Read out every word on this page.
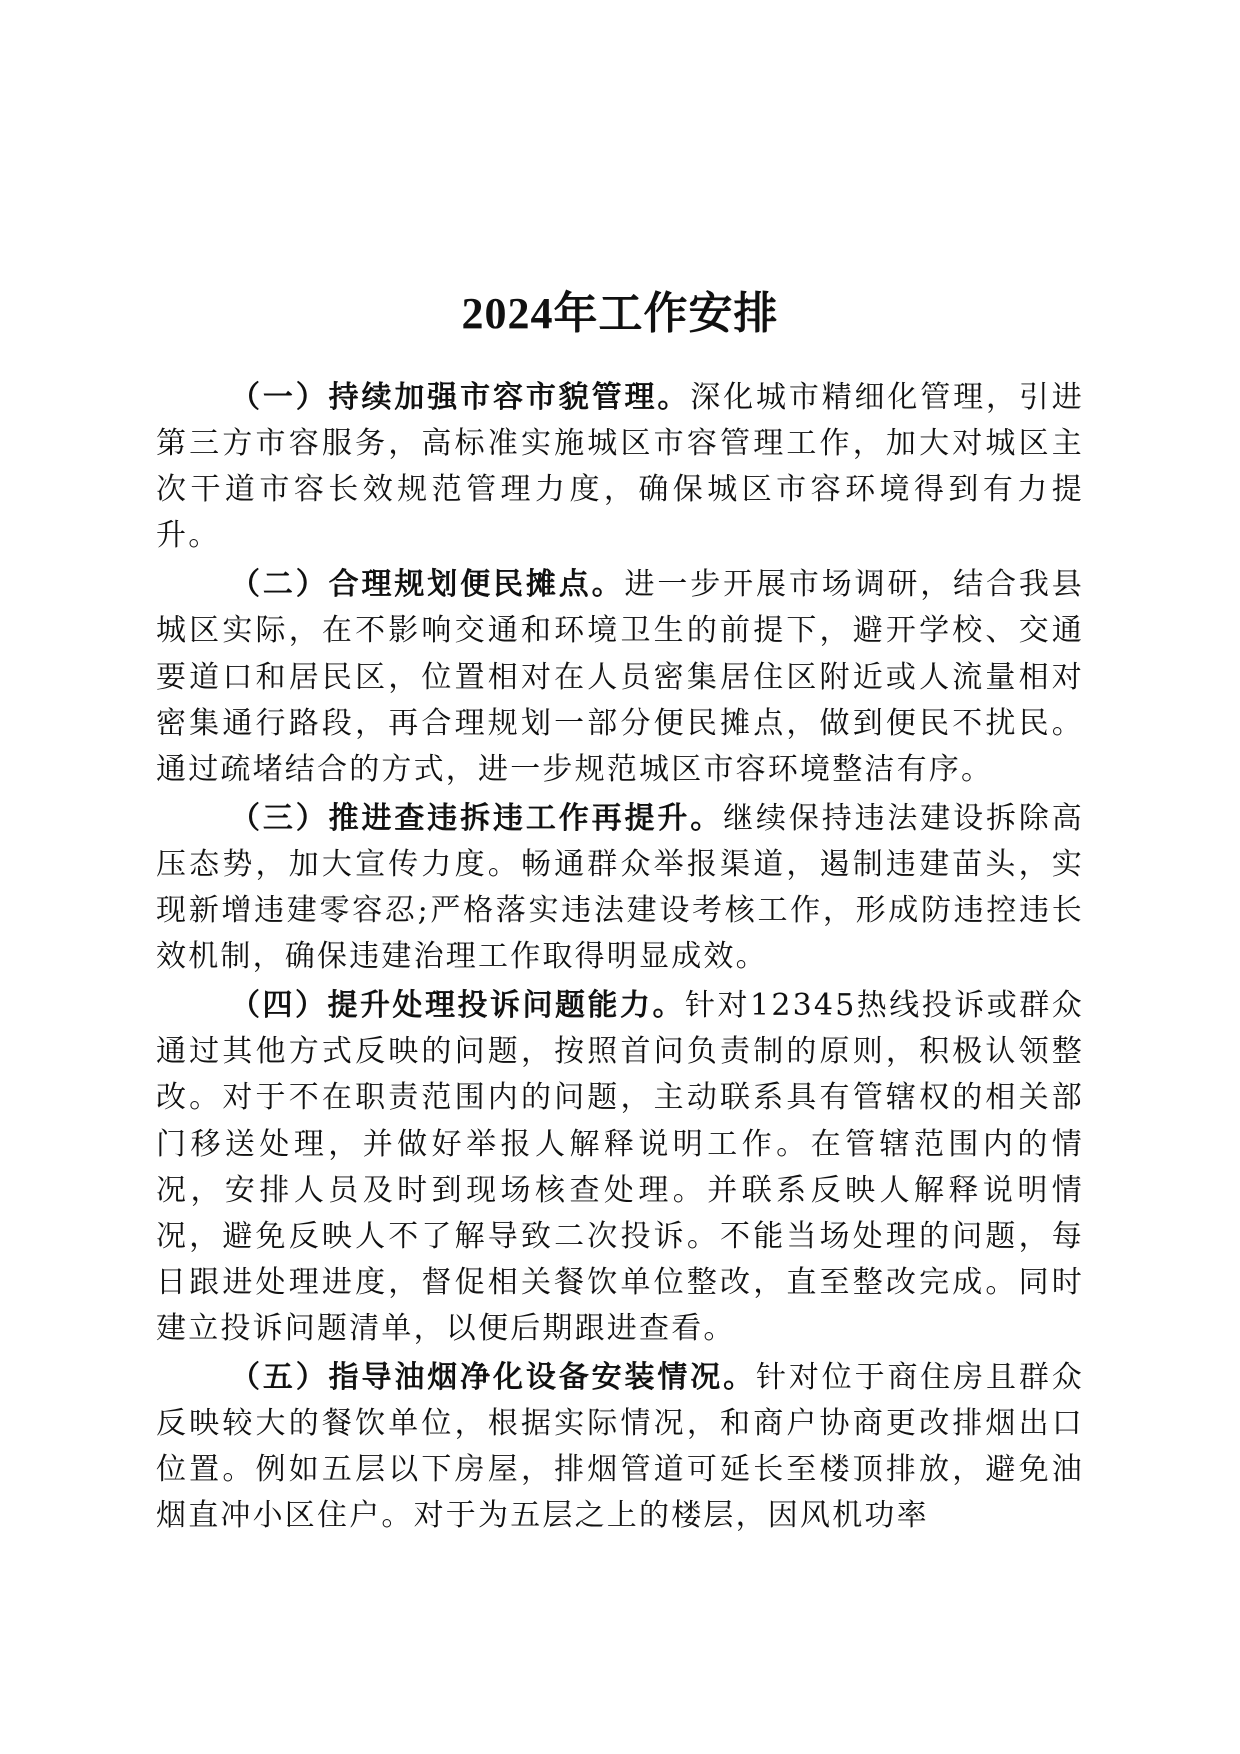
2024年工作安排

（一）持续加强市容市貌管理。深化城市精细化管理，引进第三方市容服务，高标准实施城区市容管理工作，加大对城区主次干道市容长效规范管理力度，确保城区市容环境得到有力提升。

（二）合理规划便民摊点。进一步开展市场调研，结合我县城区实际，在不影响交通和环境卫生的前提下，避开学校、交通要道口和居民区，位置相对在人员密集居住区附近或人流量相对密集通行路段，再合理规划一部分便民摊点，做到便民不扰民。通过疏堵结合的方式，进一步规范城区市容环境整洁有序。

（三）推进查违拆违工作再提升。继续保持违法建设拆除高压态势，加大宣传力度。畅通群众举报渠道，遏制违建苗头，实现新增违建零容忍;严格落实违法建设考核工作，形成防违控违长效机制，确保违建治理工作取得明显成效。

（四）提升处理投诉问题能力。针对12345热线投诉或群众通过其他方式反映的问题，按照首问负责制的原则，积极认领整改。对于不在职责范围内的问题，主动联系具有管辖权的相关部门移送处理，并做好举报人解释说明工作。在管辖范围内的情况，安排人员及时到现场核查处理。并联系反映人解释说明情况，避免反映人不了解导致二次投诉。不能当场处理的问题，每日跟进处理进度，督促相关餐饮单位整改，直至整改完成。同时建立投诉问题清单，以便后期跟进查看。

（五）指导油烟净化设备安装情况。针对位于商住房且群众反映较大的餐饮单位，根据实际情况，和商户协商更改排烟出口位置。例如五层以下房屋，排烟管道可延长至楼顶排放，避免油烟直冲小区住户。对于为五层之上的楼层，因风机功率
